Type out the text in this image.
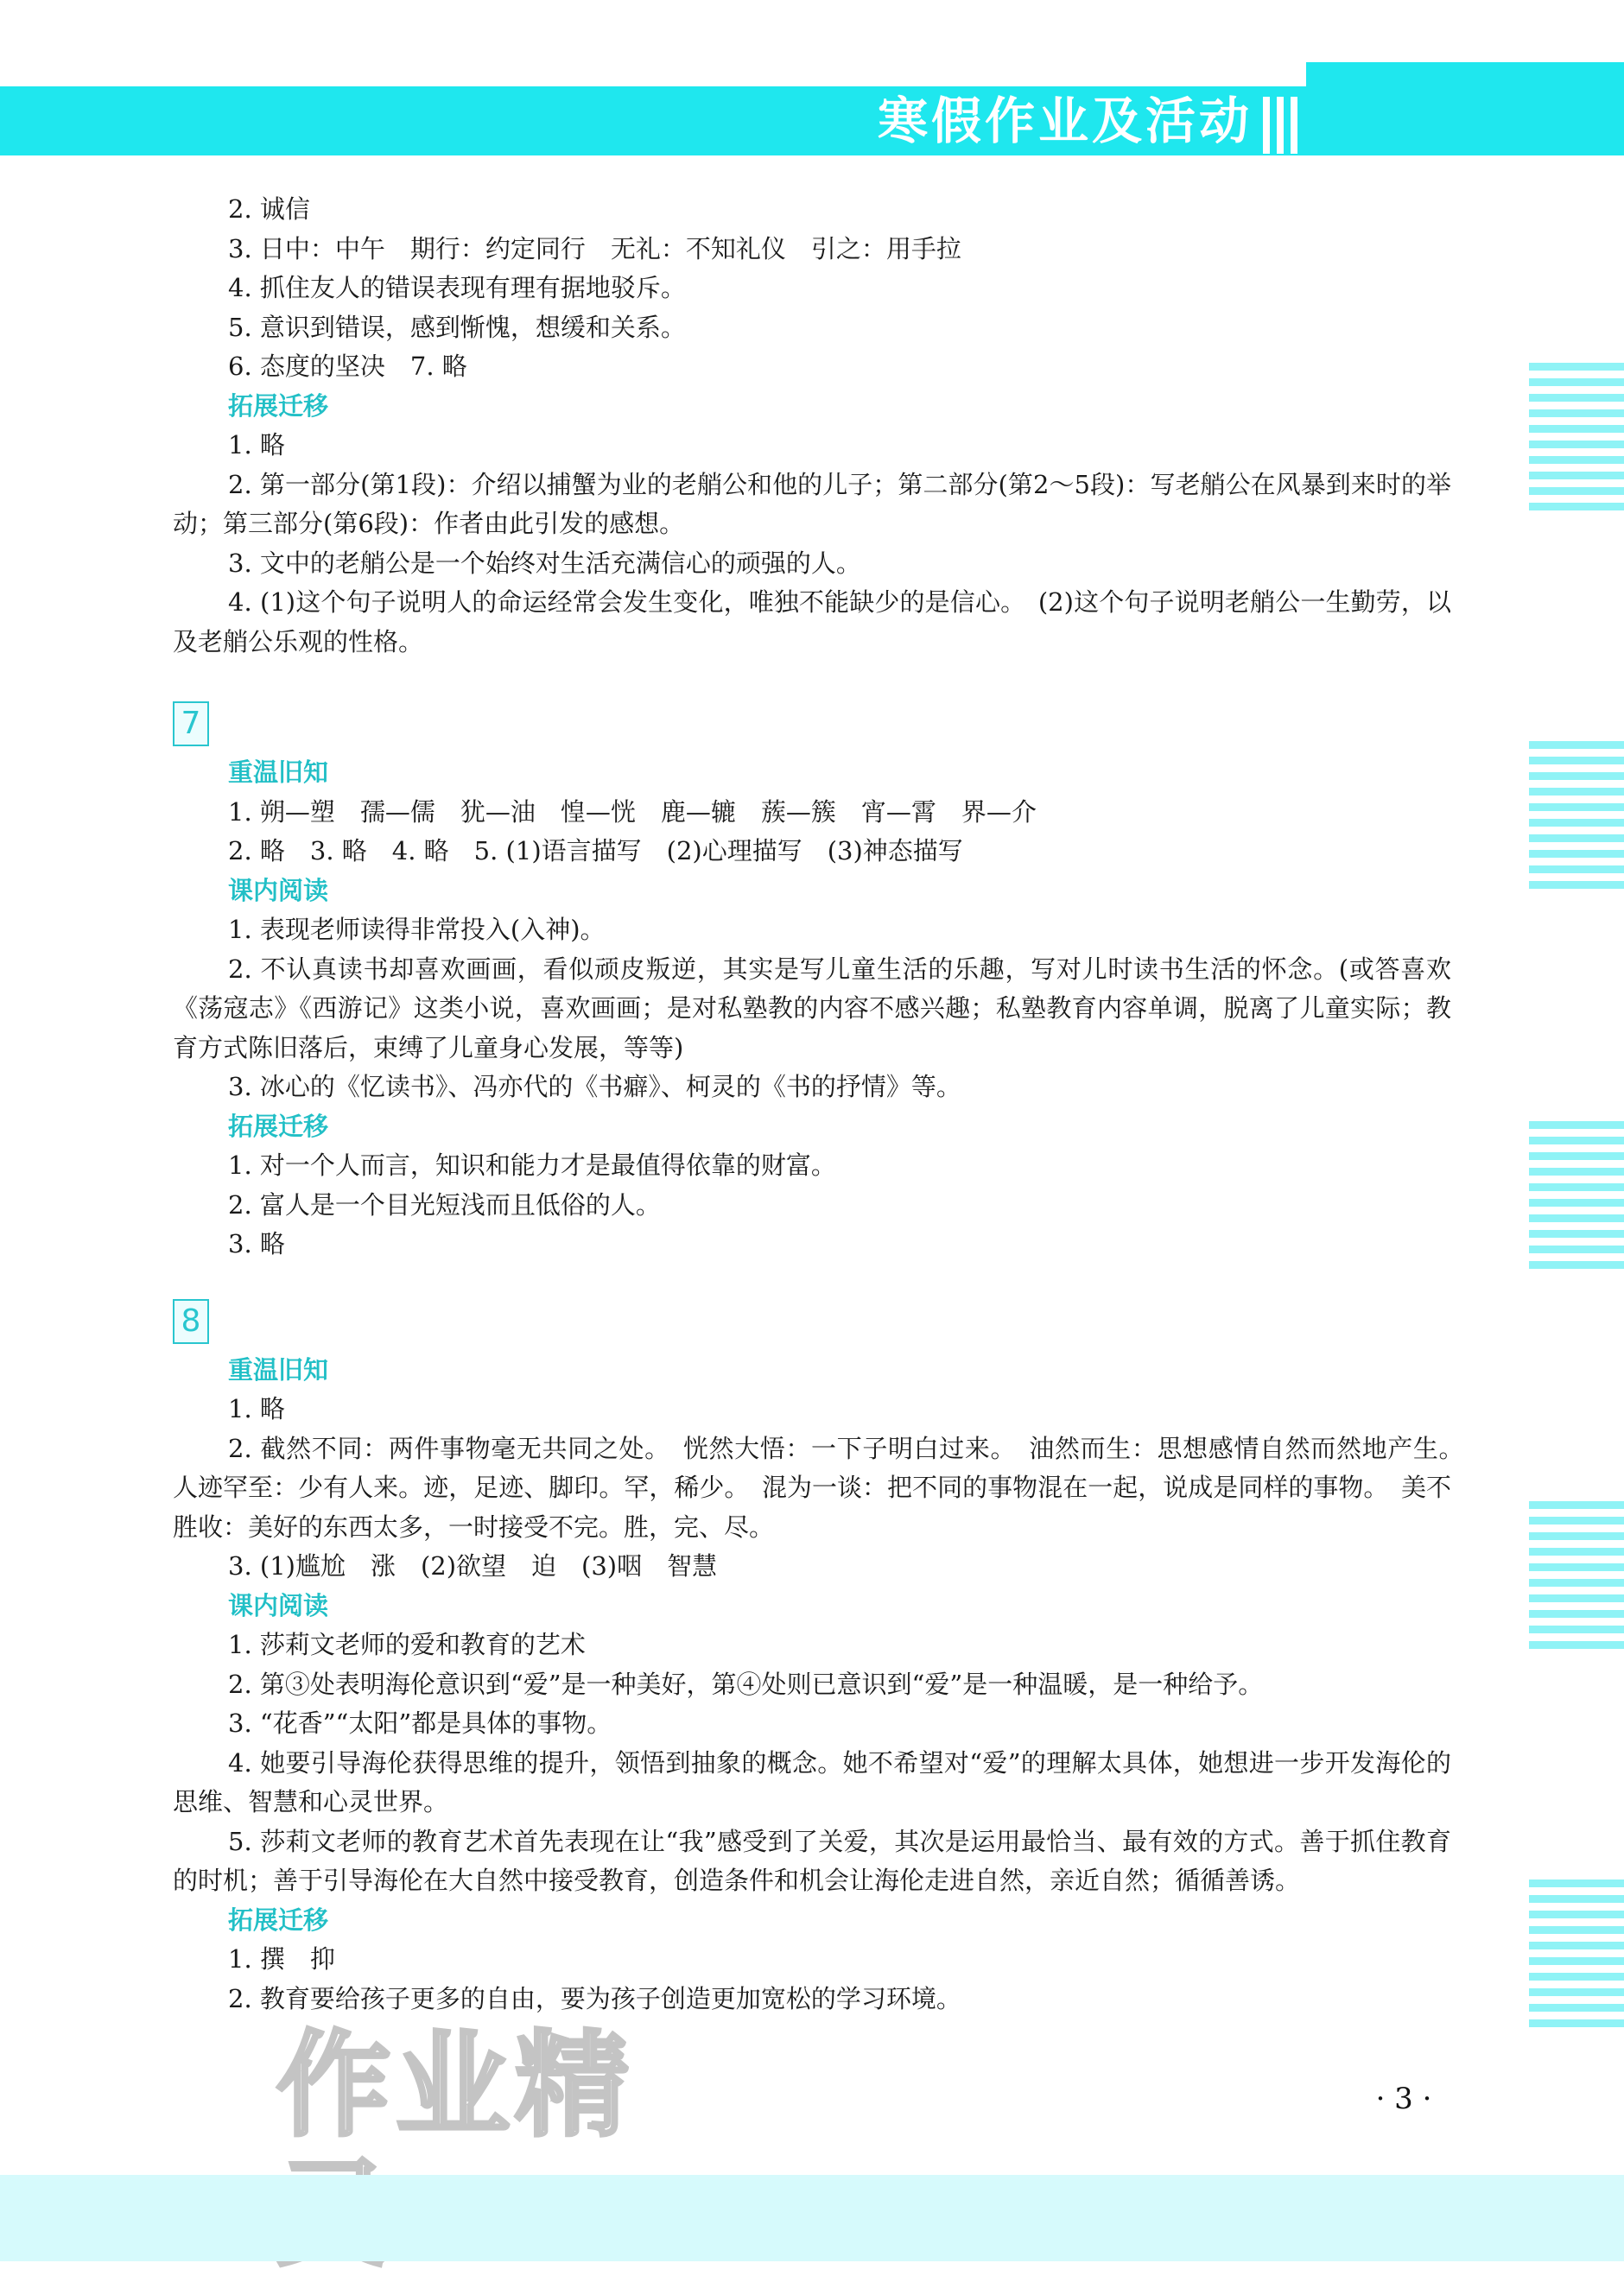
寒假作业及活动
2. 诚信
3. 日中：中午　期行：约定同行　无礼：不知礼仪　引之：用手拉
4. 抓住友人的错误表现有理有据地驳斥。
5. 意识到错误，感到惭愧，想缓和关系。
6. 态度的坚决　7. 略
拓展迁移
1. 略
2. 第一部分(第1段)：介绍以捕蟹为业的老艄公和他的儿子；第二部分(第2～5段)：写老艄公在风暴到来时的举动；第三部分(第6段)：作者由此引发的感想。
3. 文中的老艄公是一个始终对生活充满信心的顽强的人。
4. (1)这个句子说明人的命运经常会发生变化，唯独不能缺少的是信心。　(2)这个句子说明老艄公一生勤劳，以及老艄公乐观的性格。
7
重温旧知
1. 朔—塑　孺—儒　犹—油　惶—恍　鹿—辘　蔟—簇　宵—霄　界—介
2. 略　3. 略　4. 略　5. (1)语言描写　(2)心理描写　(3)神态描写
课内阅读
1. 表现老师读得非常投入(入神)。
2. 不认真读书却喜欢画画，看似顽皮叛逆，其实是写儿童生活的乐趣，写对儿时读书生活的怀念。(或答喜欢《荡寇志》《西游记》这类小说，喜欢画画；是对私塾教的内容不感兴趣；私塾教育内容单调，脱离了儿童实际；教育方式陈旧落后，束缚了儿童身心发展，等等)
3. 冰心的《忆读书》、冯亦代的《书癖》、柯灵的《书的抒情》等。
拓展迁移
1. 对一个人而言，知识和能力才是最值得依靠的财富。
2. 富人是一个目光短浅而且低俗的人。
3. 略
8
重温旧知
1. 略
2. 截然不同：两件事物毫无共同之处。　恍然大悟：一下子明白过来。　油然而生：思想感情自然而然地产生。　人迹罕至：少有人来。迹，足迹、脚印。罕，稀少。　混为一谈：把不同的事物混在一起，说成是同样的事物。　美不胜收：美好的东西太多，一时接受不完。胜，完、尽。
3. (1)尴尬　涨　(2)欲望　迫　(3)咽　智慧
课内阅读
1. 莎莉文老师的爱和教育的艺术
2. 第③处表明海伦意识到“爱”是一种美好，第④处则已意识到“爱”是一种温暖，是一种给予。
3. “花香”“太阳”都是具体的事物。
4. 她要引导海伦获得思维的提升，领悟到抽象的概念。她不希望对“爱”的理解太具体，她想进一步开发海伦的思维、智慧和心灵世界。
5. 莎莉文老师的教育艺术首先表现在让“我”感受到了关爱，其次是运用最恰当、最有效的方式。善于抓住教育的时机；善于引导海伦在大自然中接受教育，创造条件和机会让海伦走进自然，亲近自然；循循善诱。
拓展迁移
1. 撰　抑
2. 教育要给孩子更多的自由，要为孩子创造更加宽松的学习环境。
作业精	· 3 ·
